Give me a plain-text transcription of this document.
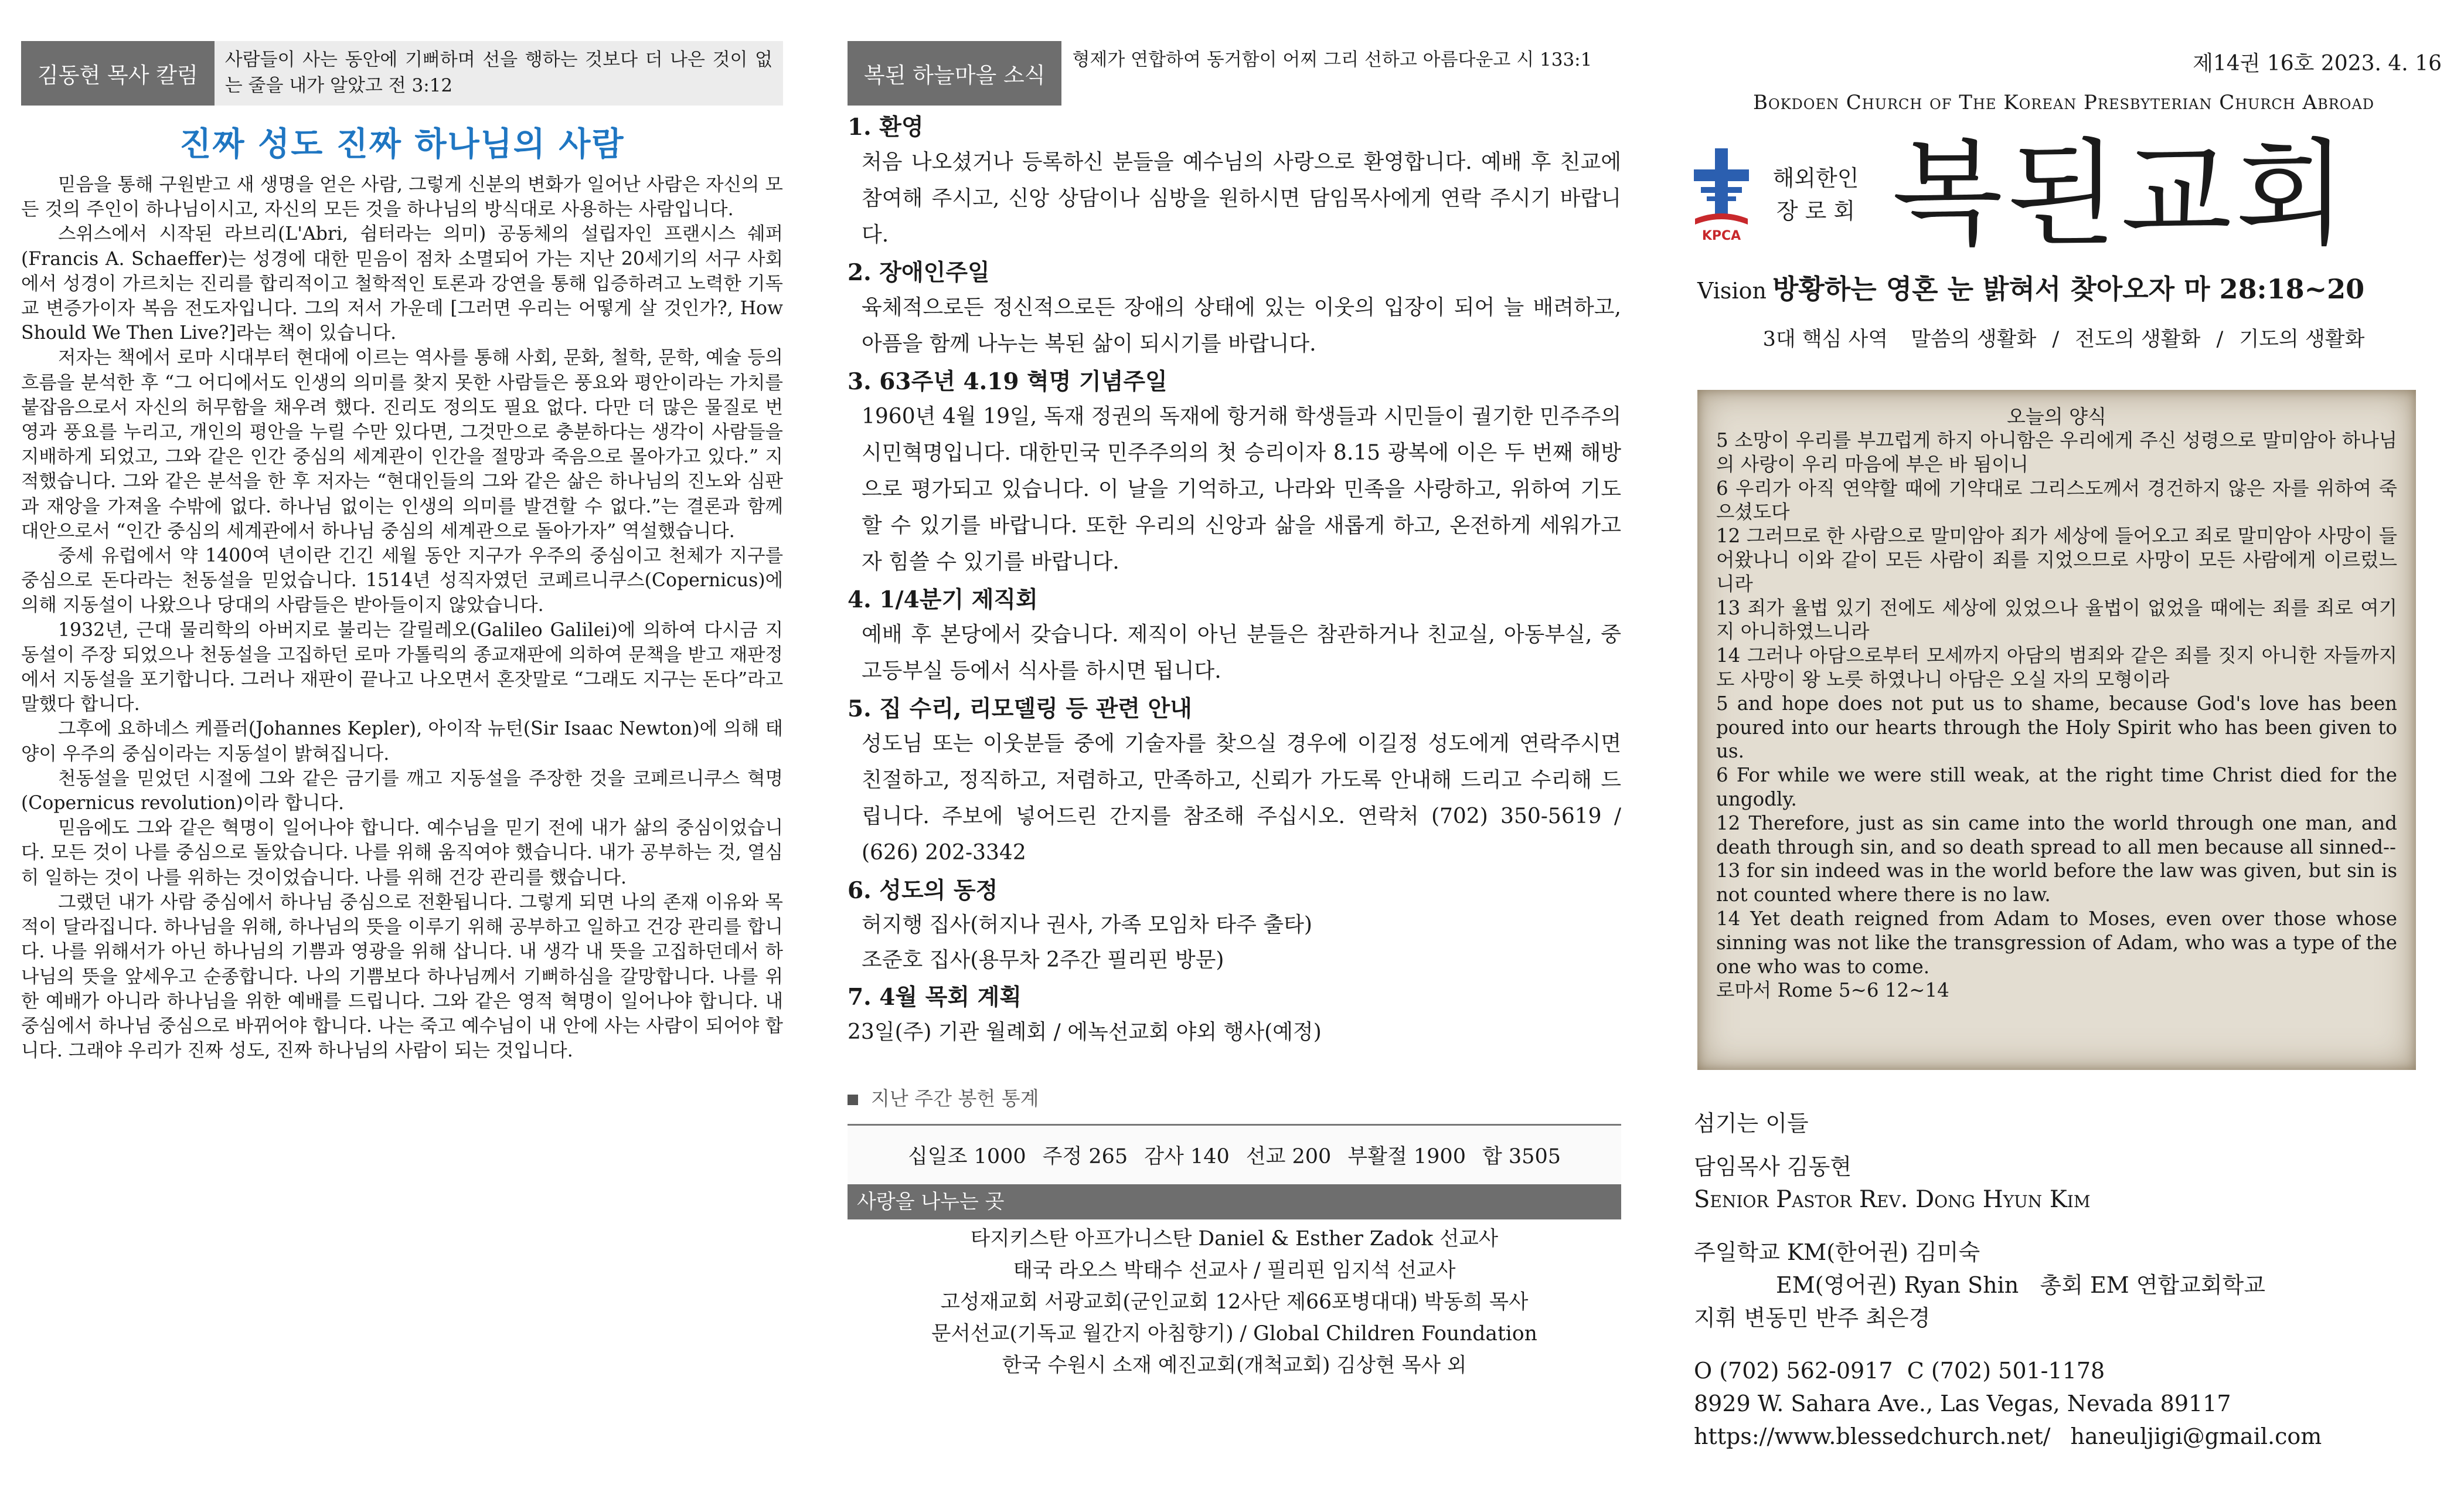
김동현 목사 칼럼
사람들이 사는 동안에 기뻐하며 선을 행하는 것보다 더 나은 것이 없는 줄을 내가 알았고 전 3:12
진짜 성도 진짜 하나님의 사람

믿음을 통해 구원받고 새 생명을 얻은 사람, 그렇게 신분의 변화가 일어난 사람은 자신의 모든 것의 주인이 하나님이시고, 자신의 모든 것을 하나님의 방식대로 사용하는 사람입니다.

스위스에서 시작된 라브리(L'Abri, 쉼터라는 의미) 공동체의 설립자인 프랜시스 쉐퍼(Francis A. Schaeffer)는 성경에 대한 믿음이 점차 소멸되어 가는 지난 20세기의 서구 사회에서 성경이 가르치는 진리를 합리적이고 철학적인 토론과 강연을 통해 입증하려고 노력한 기독교 변증가이자 복음 전도자입니다. 그의 저서 가운데 [그러면 우리는 어떻게 살 것인가?, How Should We Then Live?]라는 책이 있습니다.

저자는 책에서 로마 시대부터 현대에 이르는 역사를 통해 사회, 문화, 철학, 문학, 예술 등의 흐름을 분석한 후 “그 어디에서도 인생의 의미를 찾지 못한 사람들은 풍요와 평안이라는 가치를 붙잡음으로서 자신의 허무함을 채우려 했다. 진리도 정의도 필요 없다. 다만 더 많은 물질로 번영과 풍요를 누리고, 개인의 평안을 누릴 수만 있다면, 그것만으로 충분하다는 생각이 사람들을 지배하게 되었고, 그와 같은 인간 중심의 세계관이 인간을 절망과 죽음으로 몰아가고 있다.” 지적했습니다. 그와 같은 분석을 한 후 저자는 “현대인들의 그와 같은 삶은 하나님의 진노와 심판과 재앙을 가져올 수밖에 없다. 하나님 없이는 인생의 의미를 발견할 수 없다.”는 결론과 함께 대안으로서 “인간 중심의 세계관에서 하나님 중심의 세계관으로 돌아가자” 역설했습니다.

중세 유럽에서 약 1400여 년이란 긴긴 세월 동안 지구가 우주의 중심이고 천체가 지구를 중심으로 돈다라는 천동설을 믿었습니다. 1514년 성직자였던 코페르니쿠스(Copernicus)에 의해 지동설이 나왔으나 당대의 사람들은 받아들이지 않았습니다.

1932년, 근대 물리학의 아버지로 불리는 갈릴레오(Galileo Galilei)에 의하여 다시금 지동설이 주장 되었으나 천동설을 고집하던 로마 가톨릭의 종교재판에 의하여 문책을 받고 재판정에서 지동설을 포기합니다. 그러나 재판이 끝나고 나오면서 혼잣말로 “그래도 지구는 돈다”라고 말했다 합니다.

그후에 요하네스 케플러(Johannes Kepler), 아이작 뉴턴(Sir Isaac Newton)에 의해 태양이 우주의 중심이라는 지동설이 밝혀집니다.

천동설을 믿었던 시절에 그와 같은 금기를 깨고 지동설을 주장한 것을 코페르니쿠스 혁명(Copernicus revolution)이라 합니다.

믿음에도 그와 같은 혁명이 일어나야 합니다. 예수님을 믿기 전에 내가 삶의 중심이었습니다. 모든 것이 나를 중심으로 돌았습니다. 나를 위해 움직여야 했습니다. 내가 공부하는 것, 열심히 일하는 것이 나를 위하는 것이었습니다. 나를 위해 건강 관리를 했습니다.

그랬던 내가 사람 중심에서 하나님 중심으로 전환됩니다. 그렇게 되면 나의 존재 이유와 목적이 달라집니다. 하나님을 위해, 하나님의 뜻을 이루기 위해 공부하고 일하고 건강 관리를 합니다. 나를 위해서가 아닌 하나님의 기쁨과 영광을 위해 삽니다. 내 생각 내 뜻을 고집하던데서 하나님의 뜻을 앞세우고 순종합니다. 나의 기쁨보다 하나님께서 기뻐하심을 갈망합니다. 나를 위한 예배가 아니라 하나님을 위한 예배를 드립니다. 그와 같은 영적 혁명이 일어나야 합니다. 내 중심에서 하나님 중심으로 바뀌어야 합니다. 나는 죽고 예수님이 내 안에 사는 사람이 되어야 합니다. 그래야 우리가 진짜 성도, 진짜 하나님의 사람이 되는 것입니다.

복된 하늘마을 소식
형제가 연합하여 동거함이 어찌 그리 선하고 아름다운고 시 133:1

1. 환영

처음 나오셨거나 등록하신 분들을 예수님의 사랑으로 환영합니다. 예배 후 친교에 참여해 주시고, 신앙 상담이나 심방을 원하시면 담임목사에게 연락 주시기 바랍니다.

2. 장애인주일

육체적으로든 정신적으로든 장애의 상태에 있는 이웃의 입장이 되어 늘 배려하고, 아픔을 함께 나누는 복된 삶이 되시기를 바랍니다.

3. 63주년 4.19 혁명 기념주일

1960년 4월 19일, 독재 정권의 독재에 항거해 학생들과 시민들이 궐기한 민주주의 시민혁명입니다. 대한민국 민주주의의 첫 승리이자 8.15 광복에 이은 두 번째 해방으로 평가되고 있습니다. 이 날을 기억하고, 나라와 민족을 사랑하고, 위하여 기도할 수 있기를 바랍니다. 또한 우리의 신앙과 삶을 새롭게 하고, 온전하게 세워가고자 힘쓸 수 있기를 바랍니다.

4. 1/4분기 제직회

예배 후 본당에서 갖습니다. 제직이 아닌 분들은 참관하거나 친교실, 아동부실, 중고등부실 등에서 식사를 하시면 됩니다.

5. 집 수리, 리모델링 등 관련 안내

성도님 또는 이웃분들 중에 기술자를 찾으실 경우에 이길정 성도에게 연락주시면 친절하고, 정직하고, 저렴하고, 만족하고, 신뢰가 가도록 안내해 드리고 수리해 드립니다. 주보에 넣어드린 간지를 참조해 주십시오. 연락처 (702) 350-5619 / (626) 202-3342

6. 성도의 동정

허지행 집사(허지나 권사, 가족 모임차 타주 출타)

조준호 집사(용무차 2주간 필리핀 방문)

7. 4월 목회 계획

23일(주) 기관 월례회 / 에녹선교회 야외 행사(예정)

지난 주간 봉헌 통계
십일조 1000 주정 265 감사 140 선교 200 부활절 1900 합 3505
사랑을 나누는 곳
타지키스탄 아프가니스탄 Daniel & Esther Zadok 선교사
태국 라오스 박태수 선교사 / 필리핀 임지석 선교사
고성재교회 서광교회(군인교회 12사단 제66포병대대) 박동희 목사
문서선교(기독교 월간지 아침향기) / Global Children Foundation
한국 수원시 소재 예진교회(개척교회) 김상현 목사 외
제14권 16호 2023. 4. 16
Bokdoen Church of The Korean Presbyterian Church Abroad
KPCA
해외한인
장 로 회 복된교회
Vision 방황하는 영혼 눈 밝혀서 찾아오자 마 28:18~20
3대 핵심 사역 말씀의 생활화 / 전도의 생활화 / 기도의 생활화
오늘의 양식

5 소망이 우리를 부끄럽게 하지 아니함은 우리에게 주신 성령으로 말미암아 하나님의 사랑이 우리 마음에 부은 바 됨이니

6 우리가 아직 연약할 때에 기약대로 그리스도께서 경건하지 않은 자를 위하여 죽으셨도다

12 그러므로 한 사람으로 말미암아 죄가 세상에 들어오고 죄로 말미암아 사망이 들어왔나니 이와 같이 모든 사람이 죄를 지었으므로 사망이 모든 사람에게 이르렀느니라

13 죄가 율법 있기 전에도 세상에 있었으나 율법이 없었을 때에는 죄를 죄로 여기지 아니하였느니라

14 그러나 아담으로부터 모세까지 아담의 범죄와 같은 죄를 짓지 아니한 자들까지도 사망이 왕 노릇 하였나니 아담은 오실 자의 모형이라

5 and hope does not put us to shame, because God's love has been poured into our hearts through the Holy Spirit who has been given to us.

6 For while we were still weak, at the right time Christ died for the ungodly.

12 Therefore, just as sin came into the world through one man, and death through sin, and so death spread to all men because all sinned--

13 for sin indeed was in the world before the law was given, but sin is not counted where there is no law.

14 Yet death reigned from Adam to Moses, even over those whose sinning was not like the transgression of Adam, who was a type of the one who was to come.

로마서 Rome 5~6 12~14

섬기는 이들
담임목사 김동현
Senior Pastor Rev. Dong Hyun Kim
주일학교 KM(한어권) 김미숙
EM(영어권) Ryan Shin   총회 EM 연합교회학교
지휘 변동민 반주 최은경
O (702) 562-0917  C (702) 501-1178
8929 W. Sahara Ave., Las Vegas, Nevada 89117
https://www.blessedchurch.net/ haneuljigi@gmail.com
